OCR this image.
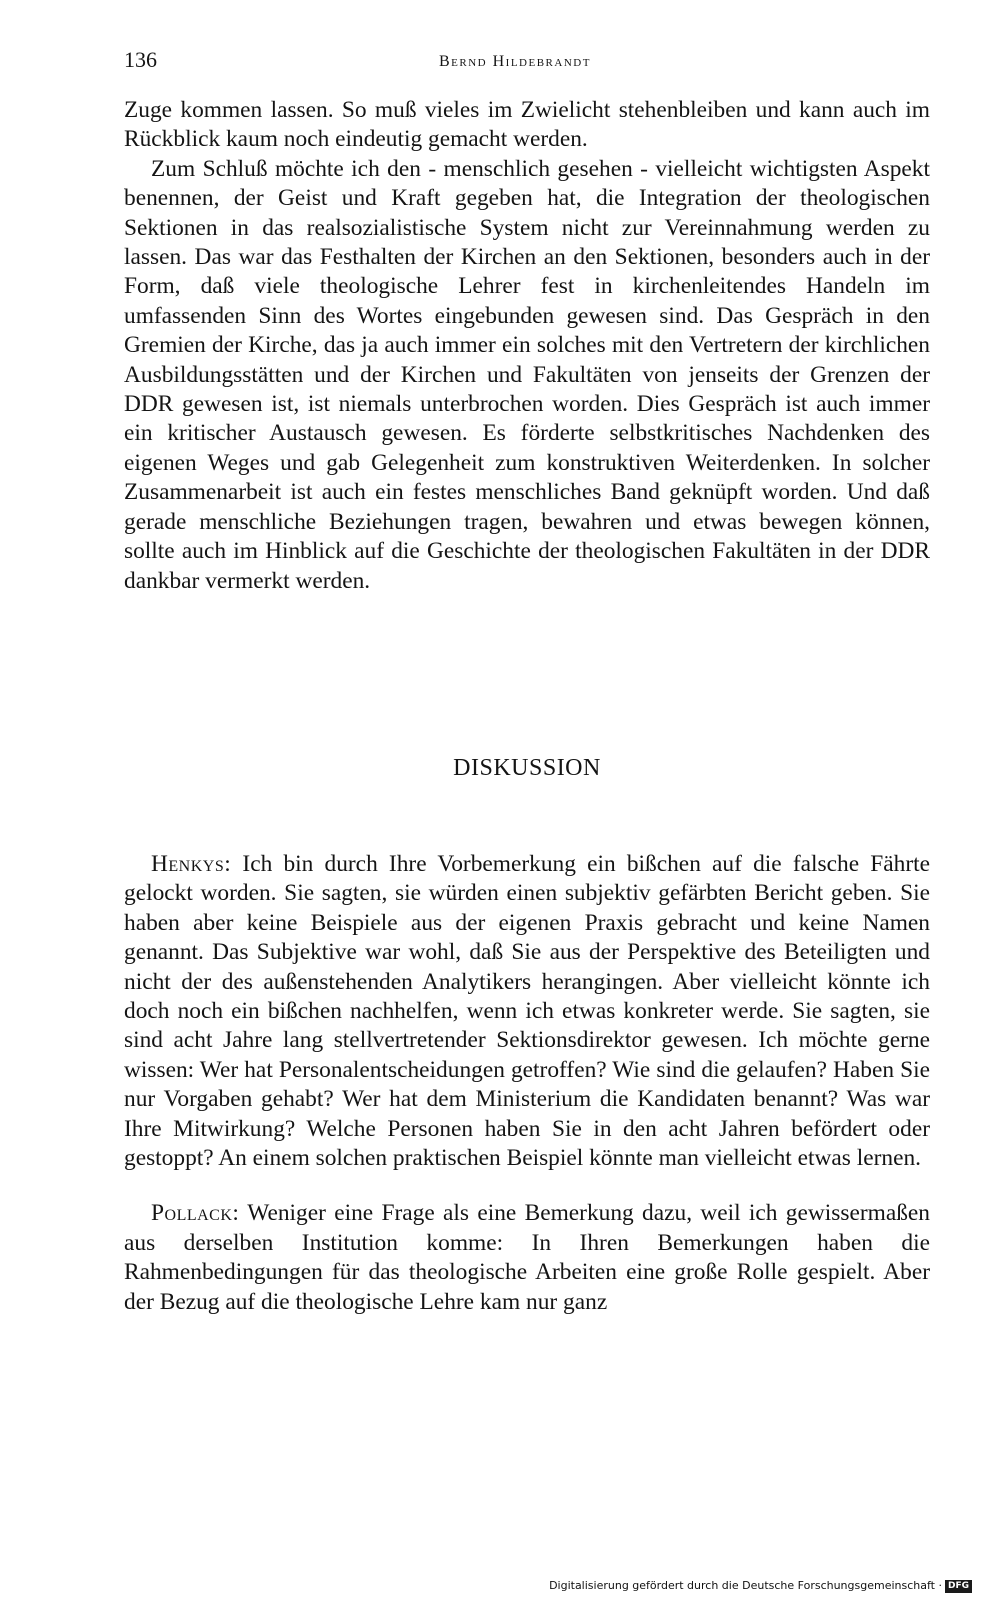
136	Bernd Hildebrandt

Zuge kommen lassen. So muß vieles im Zwielicht stehenbleiben und kann auch im Rückblick kaum noch eindeutig gemacht werden.

Zum Schluß möchte ich den - menschlich gesehen - vielleicht wichtigsten Aspekt benennen, der Geist und Kraft gegeben hat, die Integration der theologischen Sektionen in das realsozialistische System nicht zur Vereinnahmung werden zu lassen. Das war das Festhalten der Kirchen an den Sektionen, besonders auch in der Form, daß viele theologische Lehrer fest in kirchenleitendes Handeln im umfassenden Sinn des Wortes eingebunden gewesen sind. Das Gespräch in den Gremien der Kirche, das ja auch immer ein solches mit den Vertretern der kirchlichen Ausbildungsstätten und der Kirchen und Fakultäten von jenseits der Grenzen der DDR gewesen ist, ist niemals unterbrochen worden. Dies Gespräch ist auch immer ein kritischer Austausch gewesen. Es förderte selbstkritisches Nachdenken des eigenen Weges und gab Gelegenheit zum konstruktiven Weiterdenken. In solcher Zusammenarbeit ist auch ein festes menschliches Band geknüpft worden. Und daß gerade menschliche Beziehungen tragen, bewahren und etwas bewegen können, sollte auch im Hinblick auf die Geschichte der theologischen Fakultäten in der DDR dankbar vermerkt werden.

DISKUSSION

Henkys: Ich bin durch Ihre Vorbemerkung ein bißchen auf die falsche Fährte gelockt worden. Sie sagten, sie würden einen subjektiv gefärbten Bericht geben. Sie haben aber keine Beispiele aus der eigenen Praxis gebracht und keine Namen genannt. Das Subjektive war wohl, daß Sie aus der Perspektive des Beteiligten und nicht der des außenstehenden Analytikers herangingen. Aber vielleicht könnte ich doch noch ein bißchen nachhelfen, wenn ich etwas konkreter werde. Sie sagten, sie sind acht Jahre lang stellvertretender Sektionsdirektor gewesen. Ich möchte gerne wissen: Wer hat Personalentscheidungen getroffen? Wie sind die gelaufen? Haben Sie nur Vorgaben gehabt? Wer hat dem Ministerium die Kandidaten benannt? Was war Ihre Mitwirkung? Welche Personen haben Sie in den acht Jahren befördert oder gestoppt? An einem solchen praktischen Beispiel könnte man vielleicht etwas lernen.

Pollack: Weniger eine Frage als eine Bemerkung dazu, weil ich gewissermaßen aus derselben Institution komme: In Ihren Bemerkungen haben die Rahmenbedingungen für das theologische Arbeiten eine große Rolle gespielt. Aber der Bezug auf die theologische Lehre kam nur ganz

Digitalisierung gefördert durch die Deutsche Forschungsgemeinschaft · DFG
